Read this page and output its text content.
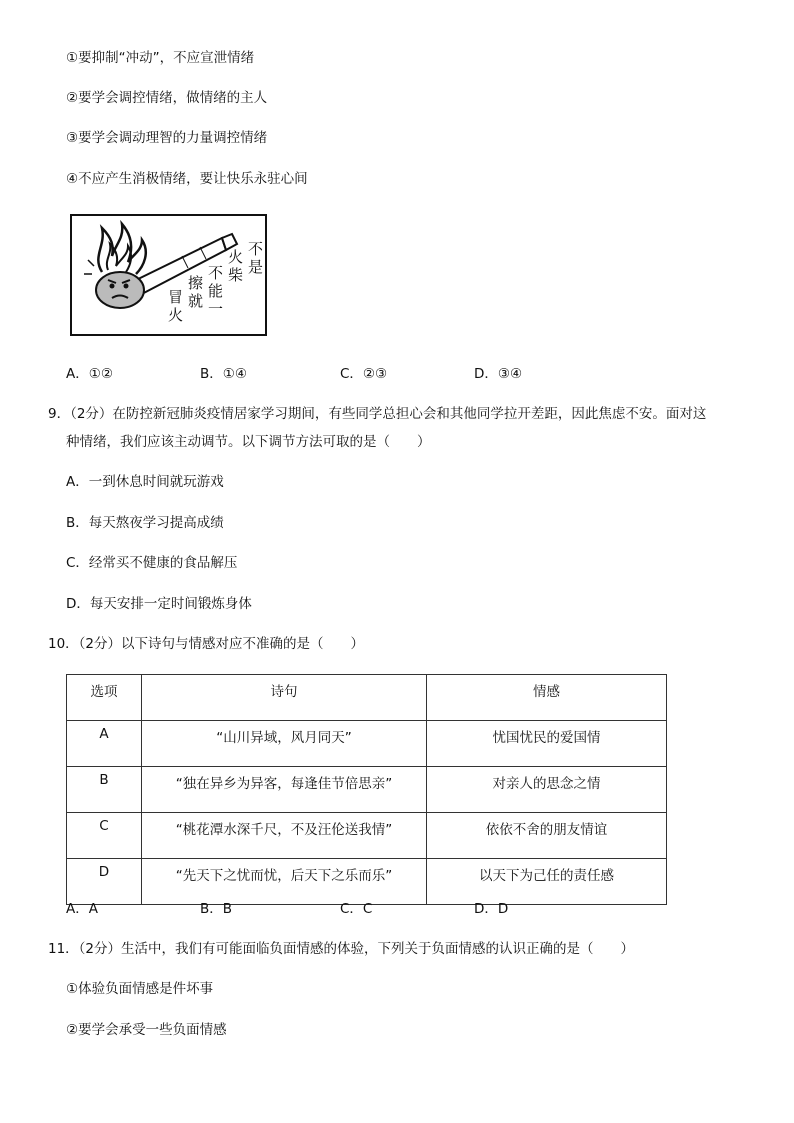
①要抑制“冲动”，不应宣泄情绪
②要学会调控情绪，做情绪的主人
③要学会调动理智的力量调控情绪
④不应产生消极情绪，要让快乐永驻心间
不
是
火
柴
不
能
一
擦
就
冒
火
A．①②	B．①④	C．②③	D．③④
9．（2分）在防控新冠肺炎疫情居家学习期间，有些同学总担心会和其他同学拉开差距，因此焦虑不安。面对这
种情绪，我们应该主动调节。以下调节方法可取的是（　　）
A．一到休息时间就玩游戏
B．每天熬夜学习提高成绩
C．经常买不健康的食品解压
D．每天安排一定时间锻炼身体
10．（2分）以下诗句与情感对应不准确的是（　　）
选项	诗句	情感
A	“山川异域，风月同天”	忧国忧民的爱国情
B	“独在异乡为异客，每逢佳节倍思亲”	对亲人的思念之情
C	“桃花潭水深千尺，不及汪伦送我情”	依依不舍的朋友情谊
D	“先天下之忧而忧，后天下之乐而乐”	以天下为己任的责任感
A．A	B．B	C．C	D．D
11．（2分）生活中，我们有可能面临负面情感的体验，下列关于负面情感的认识正确的是（　　）
①体验负面情感是件坏事
②要学会承受一些负面情感
